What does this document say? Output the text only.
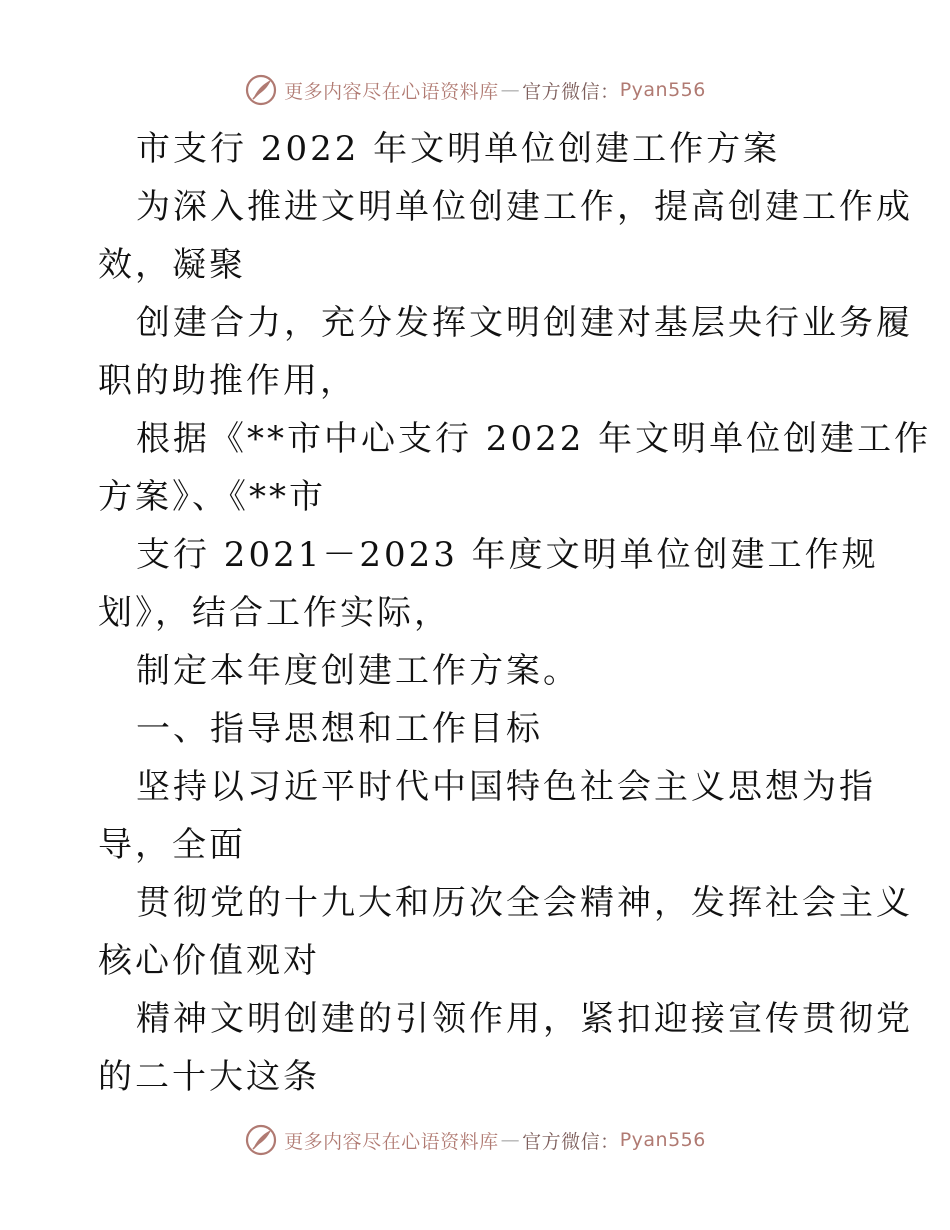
更多内容尽在心语资料库 — 官方微信： Pyan556
市支行 2022 年文明单位创建工作方案
为深入推进文明单位创建工作，提高创建工作成
效，凝聚
创建合力，充分发挥文明创建对基层央行业务履
职的助推作用，
根据《**市中心支行 2022 年文明单位创建工作
方案》、《**市
支行 2021－2023 年度文明单位创建工作规
划》，结合工作实际，
制定本年度创建工作方案。
一、指导思想和工作目标
坚持以习近平时代中国特色社会主义思想为指
导，全面
贯彻党的十九大和历次全会精神，发挥社会主义
核心价值观对
精神文明创建的引领作用，紧扣迎接宣传贯彻党
的二十大这条
更多内容尽在心语资料库 — 官方微信： Pyan556
